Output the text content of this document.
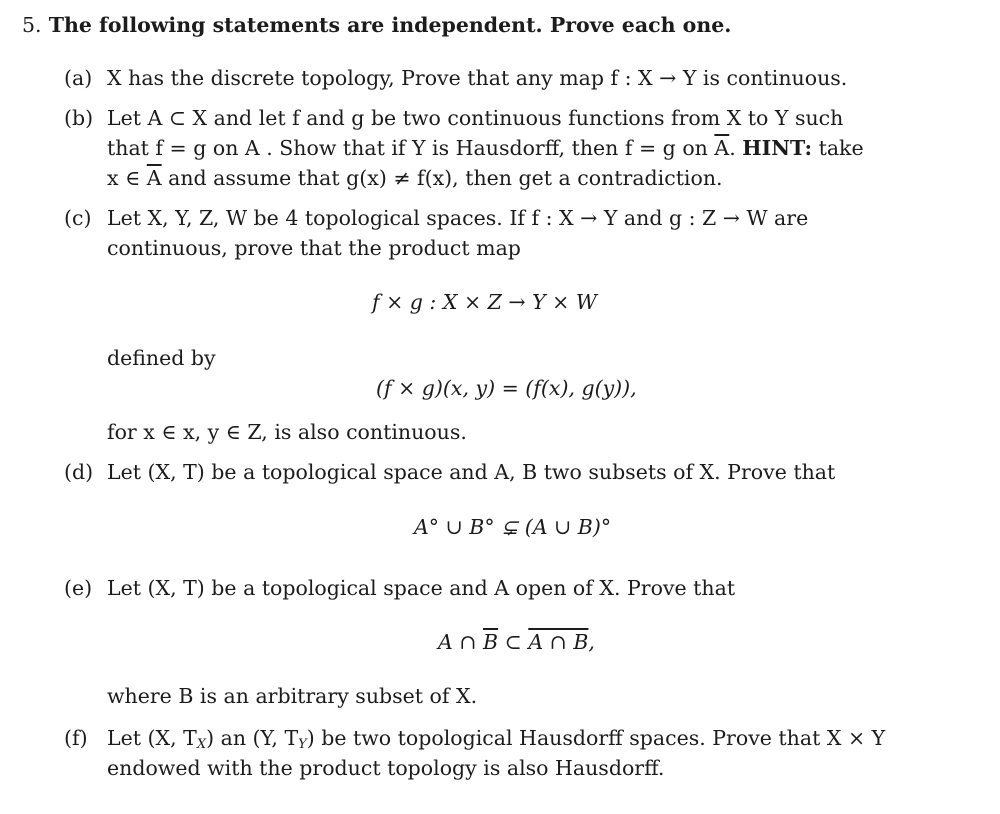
5. The following statements are independent. Prove each one.
(a) X has the discrete topology, Prove that any map f : X → Y is continuous.
(b) Let A ⊂ X and let f and g be two continuous functions from X to Y such
that f = g on A . Show that if Y is Hausdorff, then f = g on $\overline{A}$. HINT: take
x ∈ $\overline{A}$ and assume that g(x) ≠ f(x), then get a contradiction.
(c) Let X, Y, Z, W be 4 topological spaces. If f : X → Y and g : Z → W are
continuous, prove that the product map
f × g : X × Z → Y × W
defined by
(f × g)(x, y) = (f(x), g(y)),
for x ∈ x, y ∈ Z, is also continuous.
(d) Let (X, T) be a topological space and A, B two subsets of X. Prove that
A° ∪ B° ⊊ (A ∪ B)°
(e) Let (X, T) be a topological space and A open of X. Prove that
A ∩ $\overline{B}$ ⊂ A ∩ B,
where B is an arbitrary subset of X.
(f) Let (X, $T_X$) an (Y, $T_Y$) be two topological Hausdorff spaces. Prove that X × Y
endowed with the product topology is also Hausdorff.
